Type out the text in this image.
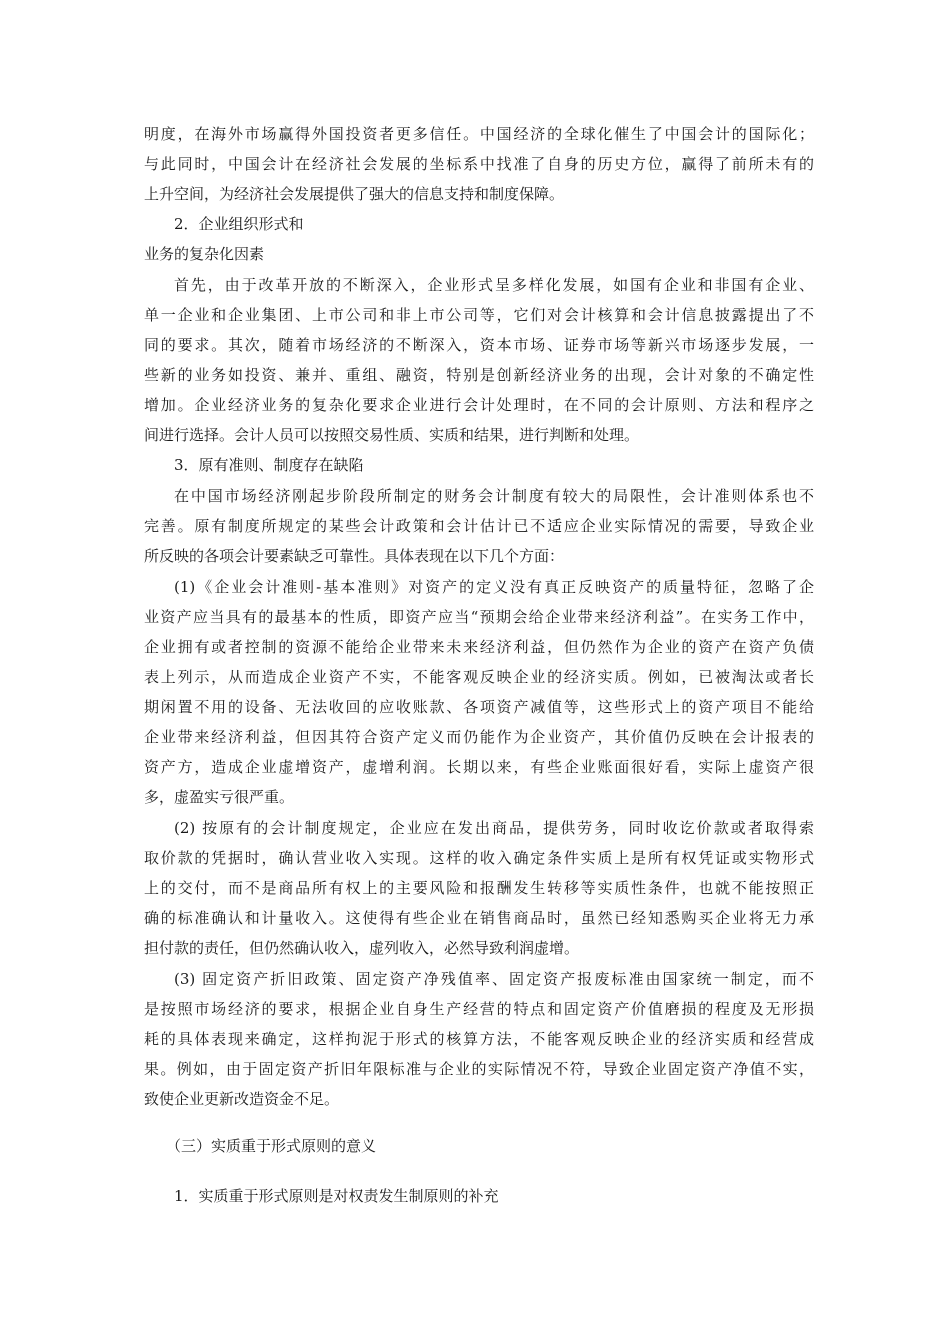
明度，在海外市场赢得外国投资者更多信任。中国经济的全球化催生了中国会计的国际化；
与此同时，中国会计在经济社会发展的坐标系中找准了自身的历史方位，赢得了前所未有的
上升空间，为经济社会发展提供了强大的信息支持和制度保障。
2．企业组织形式和
业务的复杂化因素
首先，由于改革开放的不断深入，企业形式呈多样化发展，如国有企业和非国有企业、
单一企业和企业集团、上市公司和非上市公司等，它们对会计核算和会计信息披露提出了不
同的要求。其次，随着市场经济的不断深入，资本市场、证券市场等新兴市场逐步发展，一
些新的业务如投资、兼并、重组、融资，特别是创新经济业务的出现，会计对象的不确定性
增加。企业经济业务的复杂化要求企业进行会计处理时，在不同的会计原则、方法和程序之
间进行选择。会计人员可以按照交易性质、实质和结果，进行判断和处理。
3．原有准则、制度存在缺陷
在中国市场经济刚起步阶段所制定的财务会计制度有较大的局限性，会计准则体系也不
完善。原有制度所规定的某些会计政策和会计估计已不适应企业实际情况的需要，导致企业
所反映的各项会计要素缺乏可靠性。具体表现在以下几个方面：
(1)《企业会计准则-基本准则》对资产的定义没有真正反映资产的质量特征，忽略了企
业资产应当具有的最基本的性质，即资产应当“预期会给企业带来经济利益”。在实务工作中，
企业拥有或者控制的资源不能给企业带来未来经济利益，但仍然作为企业的资产在资产负债
表上列示，从而造成企业资产不实，不能客观反映企业的经济实质。例如，已被淘汰或者长
期闲置不用的设备、无法收回的应收账款、各项资产减值等，这些形式上的资产项目不能给
企业带来经济利益，但因其符合资产定义而仍能作为企业资产，其价值仍反映在会计报表的
资产方，造成企业虚增资产，虚增利润。长期以来，有些企业账面很好看，实际上虚资产很
多，虚盈实亏很严重。
(2) 按原有的会计制度规定，企业应在发出商品，提供劳务，同时收讫价款或者取得索
取价款的凭据时，确认营业收入实现。这样的收入确定条件实质上是所有权凭证或实物形式
上的交付，而不是商品所有权上的主要风险和报酬发生转移等实质性条件，也就不能按照正
确的标准确认和计量收入。这使得有些企业在销售商品时，虽然已经知悉购买企业将无力承
担付款的责任，但仍然确认收入，虚列收入，必然导致利润虚增。
(3) 固定资产折旧政策、固定资产净残值率、固定资产报废标准由国家统一制定，而不
是按照市场经济的要求，根据企业自身生产经营的特点和固定资产价值磨损的程度及无形损
耗的具体表现来确定，这样拘泥于形式的核算方法，不能客观反映企业的经济实质和经营成
果。例如，由于固定资产折旧年限标准与企业的实际情况不符，导致企业固定资产净值不实，
致使企业更新改造资金不足。
（三）实质重于形式原则的意义
1．实质重于形式原则是对权责发生制原则的补充
